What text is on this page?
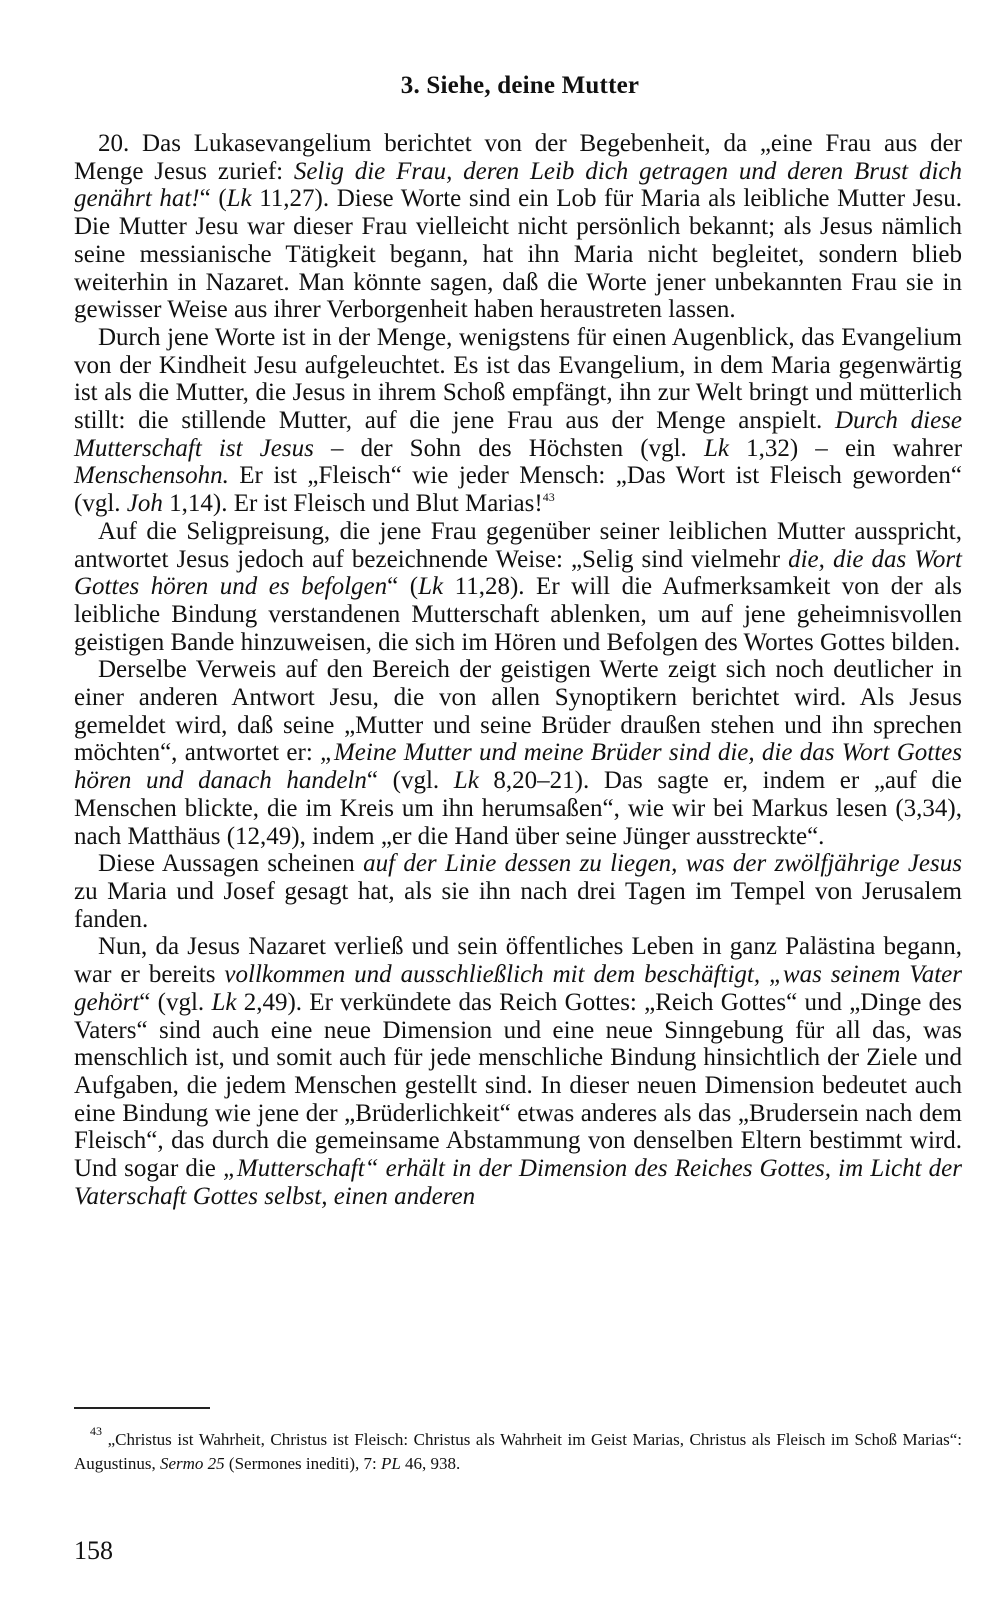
3. Siehe, deine Mutter

20. Das Lukasevangelium berichtet von der Begebenheit, da „eine Frau aus der Menge Jesus zurief: Selig die Frau, deren Leib dich getragen und deren Brust dich genährt hat!“ (Lk 11,27). Diese Worte sind ein Lob für Maria als leibliche Mutter Jesu. Die Mutter Jesu war dieser Frau vielleicht nicht persönlich bekannt; als Jesus nämlich seine messianische Tätigkeit begann, hat ihn Maria nicht begleitet, sondern blieb weiterhin in Nazaret. Man könnte sagen, daß die Worte jener unbekannten Frau sie in gewisser Weise aus ihrer Verborgenheit haben heraustreten lassen.

Durch jene Worte ist in der Menge, wenigstens für einen Augenblick, das Evangelium von der Kindheit Jesu aufgeleuchtet. Es ist das Evangelium, in dem Maria gegenwärtig ist als die Mutter, die Jesus in ihrem Schoß empfängt, ihn zur Welt bringt und mütterlich stillt: die stillende Mutter, auf die jene Frau aus der Menge anspielt. Durch diese Mutterschaft ist Jesus – der Sohn des Höchsten (vgl. Lk 1,32) – ein wahrer Menschensohn. Er ist „Fleisch“ wie jeder Mensch: „Das Wort ist Fleisch geworden“ (vgl. Joh 1,14). Er ist Fleisch und Blut Marias!$^{43}$

Auf die Seligpreisung, die jene Frau gegenüber seiner leiblichen Mutter ausspricht, antwortet Jesus jedoch auf bezeichnende Weise: „Selig sind vielmehr die, die das Wort Gottes hören und es befolgen“ (Lk 11,28). Er will die Aufmerksamkeit von der als leibliche Bindung verstandenen Mutterschaft ablenken, um auf jene geheimnisvollen geistigen Bande hinzuweisen, die sich im Hören und Befolgen des Wortes Gottes bilden.

Derselbe Verweis auf den Bereich der geistigen Werte zeigt sich noch deutlicher in einer anderen Antwort Jesu, die von allen Synoptikern berichtet wird. Als Jesus gemeldet wird, daß seine „Mutter und seine Brüder draußen stehen und ihn sprechen möchten“, antwortet er: „Meine Mutter und meine Brüder sind die, die das Wort Gottes hören und danach handeln“ (vgl. Lk 8,20–21). Das sagte er, indem er „auf die Menschen blickte, die im Kreis um ihn herumsaßen“, wie wir bei Markus lesen (3,34), nach Matthäus (12,49), indem „er die Hand über seine Jünger ausstreckte“.

Diese Aussagen scheinen auf der Linie dessen zu liegen, was der zwölfjährige Jesus zu Maria und Josef gesagt hat, als sie ihn nach drei Tagen im Tempel von Jerusalem fanden.

Nun, da Jesus Nazaret verließ und sein öffentliches Leben in ganz Palästina begann, war er bereits vollkommen und ausschließlich mit dem beschäftigt, „was seinem Vater gehört“ (vgl. Lk 2,49). Er verkündete das Reich Gottes: „Reich Gottes“ und „Dinge des Vaters“ sind auch eine neue Dimension und eine neue Sinngebung für all das, was menschlich ist, und somit auch für jede menschliche Bindung hinsichtlich der Ziele und Aufgaben, die jedem Menschen gestellt sind. In dieser neuen Dimension bedeutet auch eine Bindung wie jene der „Brüderlichkeit“ etwas anderes als das „Brudersein nach dem Fleisch“, das durch die gemeinsame Abstammung von denselben Eltern bestimmt wird. Und sogar die „Mutterschaft“ erhält in der Dimension des Reiches Gottes, im Licht der Vaterschaft Gottes selbst, einen anderen

$^{43}$ „Christus ist Wahrheit, Christus ist Fleisch: Christus als Wahrheit im Geist Marias, Christus als Fleisch im Schoß Marias“: Augustinus, Sermo 25 (Sermones inediti), 7: PL 46, 938.

158
